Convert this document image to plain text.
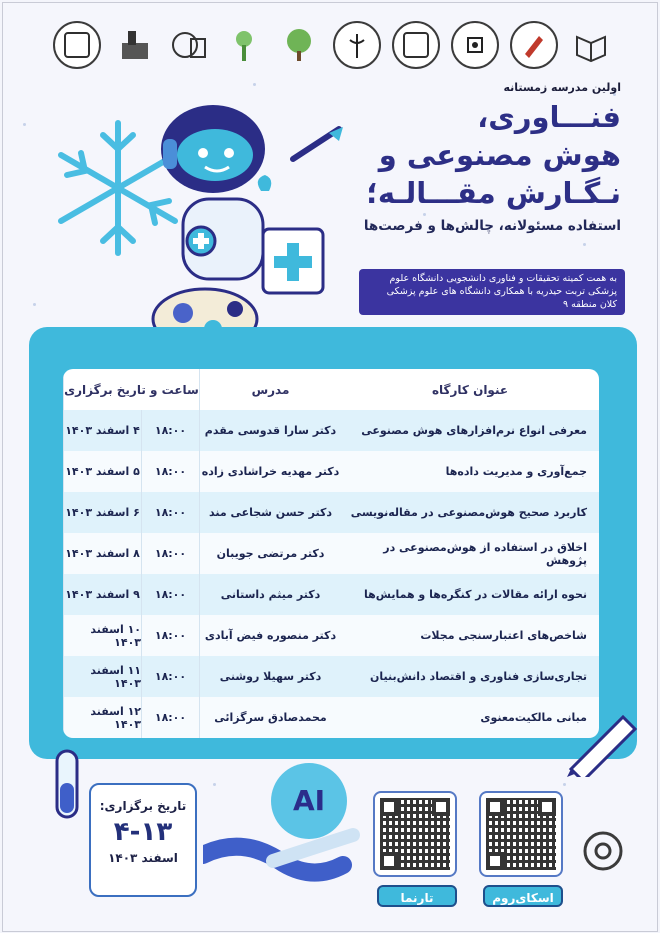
اولین مدرسه زمستانه
فنـــاوری،
هوش مصنوعی و
نـگـارش مقـــالـه؛
استفاده مسئولانه، چالش‌ها و فرصت‌ها
به همت کمیته تحقیقات و فناوری دانشجویی دانشگاه علوم پزشکی تربت حیدریه با همکاری دانشگاه های علوم پزشکی کلان منطقه ۹
ساعت و تاریخ برگزاری	مدرس	عنوان کارگاه
۴ اسفند ۱۴۰۳	۱۸:۰۰	دکتر سارا قدوسی مقدم	معرفی انواع نرم‌افزارهای هوش مصنوعی
۵ اسفند ۱۴۰۳	۱۸:۰۰	دکتر مهدیه خراشادی زاده	جمع‌آوری و مدیریت داده‌ها
۶ اسفند ۱۴۰۳	۱۸:۰۰	دکتر حسن شجاعی مند	کاربرد صحیح هوش‌مصنوعی در مقاله‌نویسی
۸ اسفند ۱۴۰۳	۱۸:۰۰	دکتر مرتضی جویبان	اخلاق در استفاده از هوش‌مصنوعی در پژوهش
۹ اسفند ۱۴۰۳	۱۸:۰۰	دکتر میثم داستانی	نحوه ارائه مقالات در کنگره‌ها و همایش‌ها
۱۰ اسفند ۱۴۰۳	۱۸:۰۰	دکتر منصوره فیض آبادی	شاخص‌های اعتبارسنجی مجلات
۱۱ اسفند ۱۴۰۳	۱۸:۰۰	دکتر سهیلا روشنی	تجاری‌سازی فناوری و اقتصاد دانش‌بنیان
۱۲ اسفند ۱۴۰۳	۱۸:۰۰	محمدصادق سرگزائی	مبانی مالکیت‌معنوی
تاریخ برگزاری:
۴-۱۳
اسفند ۱۴۰۳
AI
تارنما	اسکای‌روم
